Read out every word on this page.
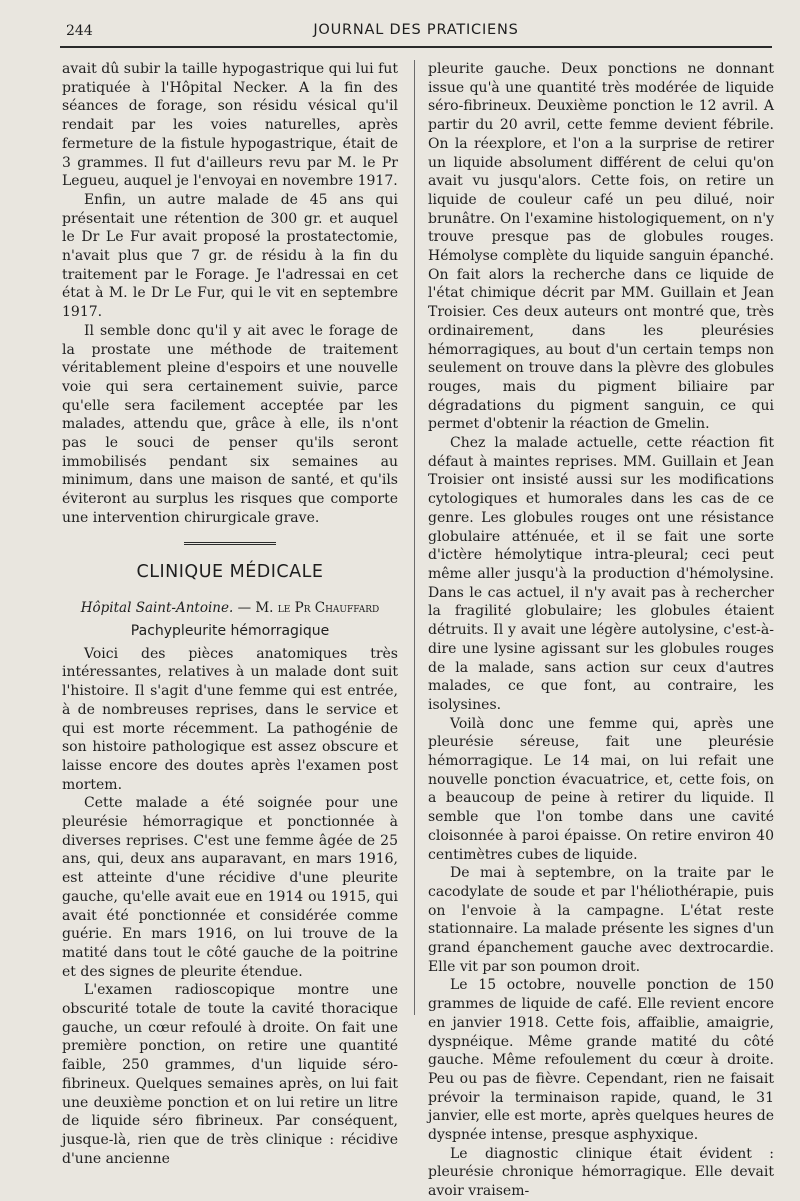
244	JOURNAL DES PRATICIENS

avait dû subir la taille hypogastrique qui lui fut pratiquée à l'Hôpital Necker. A la fin des séances de forage, son résidu vésical qu'il rendait par les voies naturelles, après fermeture de la fistule hypogastrique, était de 3 grammes. Il fut d'ailleurs revu par M. le Pr Legueu, auquel je l'envoyai en novembre 1917.

Enfin, un autre malade de 45 ans qui présentait une rétention de 300 gr. et auquel le Dr Le Fur avait proposé la prostatectomie, n'avait plus que 7 gr. de résidu à la fin du traitement par le Forage. Je l'adressai en cet état à M. le Dr Le Fur, qui le vit en septembre 1917.

Il semble donc qu'il y ait avec le forage de la prostate une méthode de traitement véritablement pleine d'espoirs et une nouvelle voie qui sera certainement suivie, parce qu'elle sera facilement acceptée par les malades, attendu que, grâce à elle, ils n'ont pas le souci de penser qu'ils seront immobilisés pendant six semaines au minimum, dans une maison de santé, et qu'ils éviteront au surplus les risques que comporte une intervention chirurgicale grave.

CLINIQUE MÉDICALE
Hôpital Saint-Antoine. — M. le Pr Chauffard
Pachypleurite hémorragique

Voici des pièces anatomiques très intéressantes, relatives à un malade dont suit l'histoire. Il s'agit d'une femme qui est entrée, à de nombreuses reprises, dans le service et qui est morte récemment. La pathogénie de son histoire pathologique est assez obscure et laisse encore des doutes après l'examen post mortem.

Cette malade a été soignée pour une pleurésie hémorragique et ponctionnée à diverses reprises. C'est une femme âgée de 25 ans, qui, deux ans auparavant, en mars 1916, est atteinte d'une récidive d'une pleurite gauche, qu'elle avait eue en 1914 ou 1915, qui avait été ponctionnée et considérée comme guérie. En mars 1916, on lui trouve de la matité dans tout le côté gauche de la poitrine et des signes de pleurite étendue.

L'examen radioscopique montre une obscurité totale de toute la cavité thoracique gauche, un cœur refoulé à droite. On fait une première ponction, on retire une quantité faible, 250 grammes, d'un liquide séro-fibrineux. Quelques semaines après, on lui fait une deuxième ponction et on lui retire un litre de liquide séro fibrineux. Par conséquent, jusque-là, rien que de très clinique : récidive d'une ancienne

pleurite gauche. Deux ponctions ne donnant issue qu'à une quantité très modérée de liquide séro-fibrineux. Deuxième ponction le 12 avril. A partir du 20 avril, cette femme devient fébrile. On la réexplore, et l'on a la surprise de retirer un liquide absolument différent de celui qu'on avait vu jusqu'alors. Cette fois, on retire un liquide de couleur café un peu dilué, noir brunâtre. On l'examine histologiquement, on n'y trouve presque pas de globules rouges. Hémolyse complète du liquide sanguin épanché. On fait alors la recherche dans ce liquide de l'état chimique décrit par MM. Guillain et Jean Troisier. Ces deux auteurs ont montré que, très ordinairement, dans les pleurésies hémorragiques, au bout d'un certain temps non seulement on trouve dans la plèvre des globules rouges, mais du pigment biliaire par dégradations du pigment sanguin, ce qui permet d'obtenir la réaction de Gmelin.

Chez la malade actuelle, cette réaction fit défaut à maintes reprises. MM. Guillain et Jean Troisier ont insisté aussi sur les modifications cytologiques et humorales dans les cas de ce genre. Les globules rouges ont une résistance globulaire atténuée, et il se fait une sorte d'ictère hémolytique intra-pleural; ceci peut même aller jusqu'à la production d'hémolysine. Dans le cas actuel, il n'y avait pas à rechercher la fragilité globulaire; les globules étaient détruits. Il y avait une légère autolysine, c'est-à-dire une lysine agissant sur les globules rouges de la malade, sans action sur ceux d'autres malades, ce que font, au contraire, les isolysines.

Voilà donc une femme qui, après une pleurésie séreuse, fait une pleurésie hémorragique. Le 14 mai, on lui refait une nouvelle ponction évacuatrice, et, cette fois, on a beaucoup de peine à retirer du liquide. Il semble que l'on tombe dans une cavité cloisonnée à paroi épaisse. On retire environ 40 centimètres cubes de liquide.

De mai à septembre, on la traite par le cacodylate de soude et par l'héliothérapie, puis on l'envoie à la campagne. L'état reste stationnaire. La malade présente les signes d'un grand épanchement gauche avec dextrocardie. Elle vit par son poumon droit.

Le 15 octobre, nouvelle ponction de 150 grammes de liquide de café. Elle revient encore en janvier 1918. Cette fois, affaiblie, amaigrie, dyspnéique. Même grande matité du côté gauche. Même refoulement du cœur à droite. Peu ou pas de fièvre. Cependant, rien ne faisait prévoir la terminaison rapide, quand, le 31 janvier, elle est morte, après quelques heures de dyspnée intense, presque asphyxique.

Le diagnostic clinique était évident : pleurésie chronique hémorragique. Elle devait avoir vraisem-
